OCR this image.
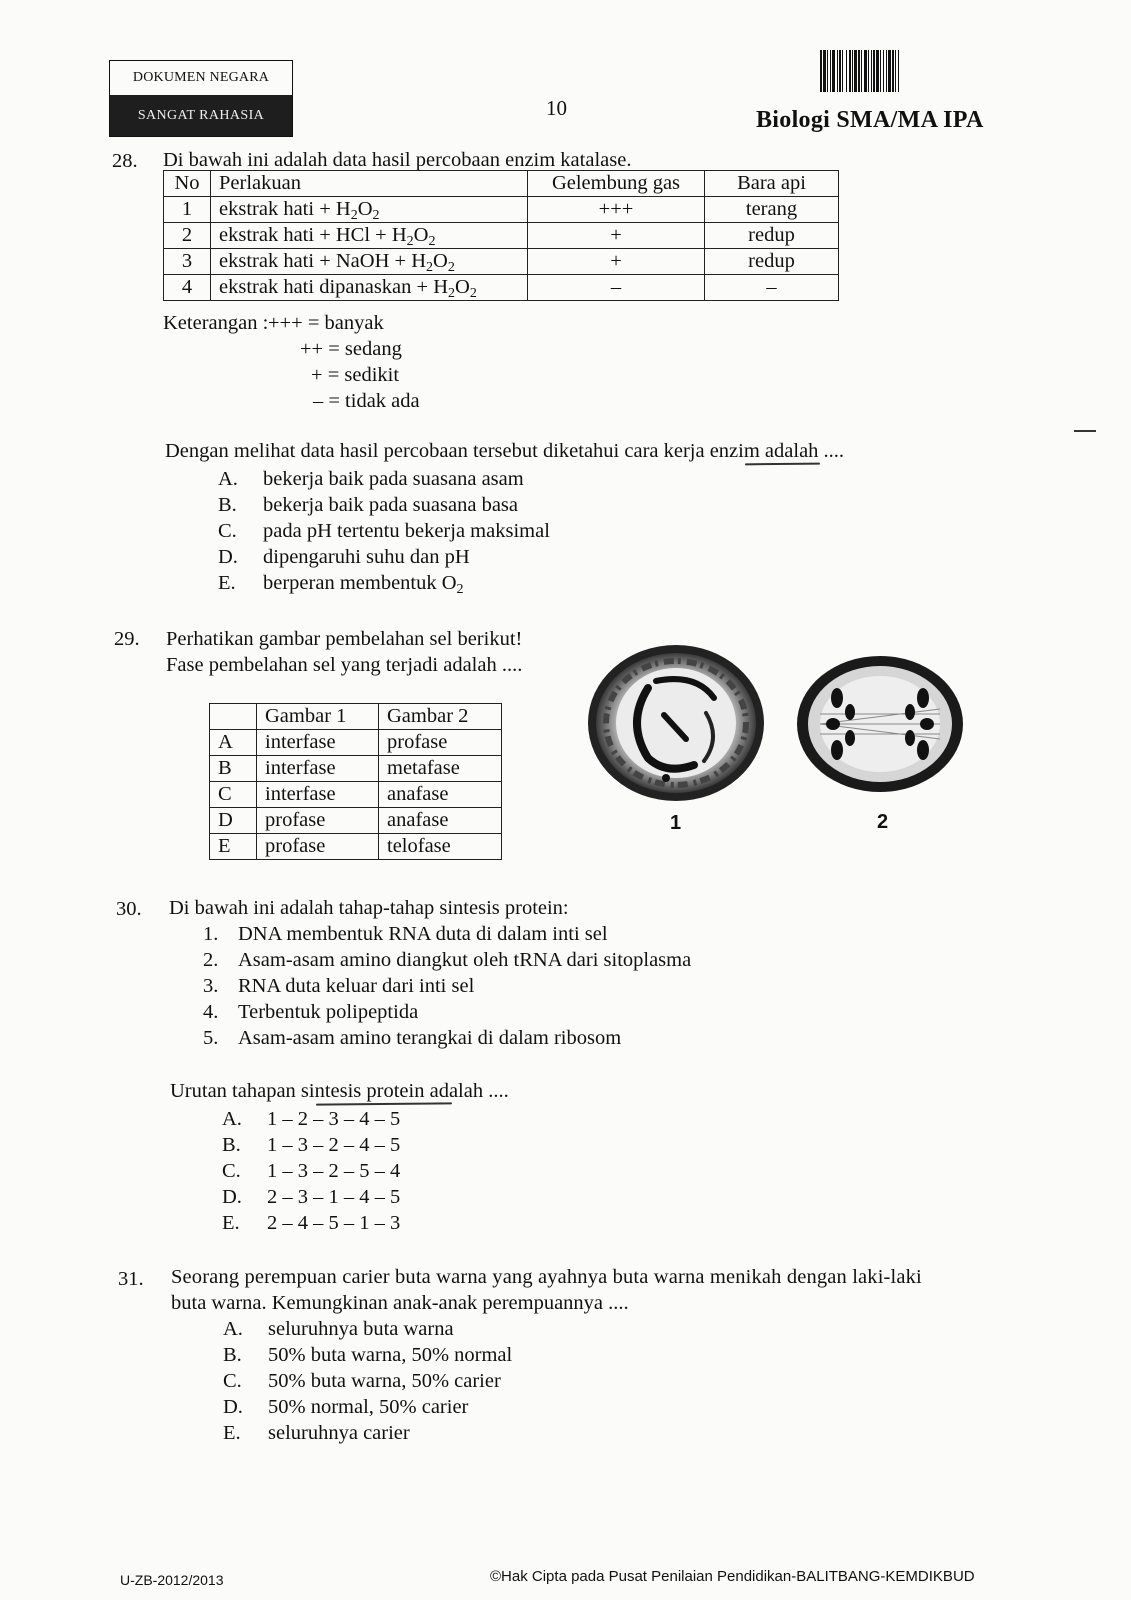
DOKUMEN NEGARA
SANGAT RAHASIA	10	Biologi SMA/MA IPA
28. Di bawah ini adalah data hasil percobaan enzim katalase.
No	Perlakuan	Gelembung gas	Bara api
1	ekstrak hati + $H_2O_2$	+++	terang
2	ekstrak hati + HCl + $H_2O_2$	+	redup
3	ekstrak hati + NaOH + $H_2O_2$	+	redup
4	ekstrak hati dipanaskan + $H_2O_2$	–	–
Keterangan : +++ = banyak
++ = sedang
+ = sedikit
– = tidak ada
Dengan melihat data hasil percobaan tersebut diketahui cara kerja enzim adalah ....
A. bekerja baik pada suasana asam
B. bekerja baik pada suasana basa
C. pada pH tertentu bekerja maksimal
D. dipengaruhi suhu dan pH
E. berperan membentuk $O_2$
29. Perhatikan gambar pembelahan sel berikut!
Fase pembelahan sel yang terjadi adalah ....
	Gambar 1	Gambar 2
A	interfase	profase
B	interfase	metafase
C	interfase	anafase
D	profase	anafase
E	profase	telofase
1	2
30. Di bawah ini adalah tahap-tahap sintesis protein:
1. DNA membentuk RNA duta di dalam inti sel
2. Asam-asam amino diangkut oleh tRNA dari sitoplasma
3. RNA duta keluar dari inti sel
4. Terbentuk polipeptida
5. Asam-asam amino terangkai di dalam ribosom
Urutan tahapan sintesis protein adalah ....
A. 1 – 2 – 3 – 4 – 5
B. 1 – 3 – 2 – 4 – 5
C. 1 – 3 – 2 – 5 – 4
D. 2 – 3 – 1 – 4 – 5
E. 2 – 4 – 5 – 1 – 3
31. Seorang perempuan carier buta warna yang ayahnya buta warna menikah dengan laki-laki
buta warna. Kemungkinan anak-anak perempuannya ....
A. seluruhnya buta warna
B. 50% buta warna, 50% normal
C. 50% buta warna, 50% carier
D. 50% normal, 50% carier
E. seluruhnya carier
U-ZB-2012/2013	©Hak Cipta pada Pusat Penilaian Pendidikan-BALITBANG-KEMDIKBUD
